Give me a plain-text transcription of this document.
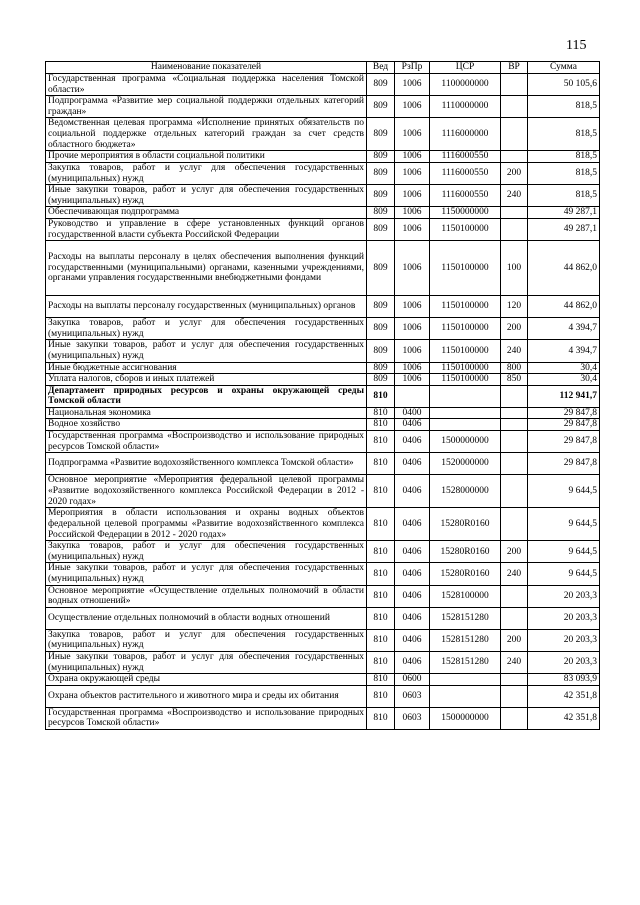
115
Наименование показателей	Вед	РзПр	ЦСР	ВР	Сумма
Государственная программа «Социальная поддержка населения Томской области»	809	1006	1100000000		50 105,6
Подпрограмма «Развитие мер социальной поддержки отдельных категорий граждан»	809	1006	1110000000		818,5
Ведомственная целевая программа «Исполнение принятых обязательств по социальной поддержке отдельных категорий граждан за счет средств областного бюджета»	809	1006	1116000000		818,5
Прочие мероприятия в области социальной политики	809	1006	1116000550		818,5
Закупка товаров, работ и услуг для обеспечения государственных (муниципальных) нужд	809	1006	1116000550	200	818,5
Иные закупки товаров, работ и услуг для обеспечения государственных (муниципальных) нужд	809	1006	1116000550	240	818,5
Обеспечивающая подпрограмма	809	1006	1150000000		49 287,1
Руководство и управление в сфере установленных функций органов государственной власти субъекта Российской Федерации	809	1006	1150100000		49 287,1
Расходы на выплаты персоналу в целях обеспечения выполнения функций государственными (муниципальными) органами, казенными учреждениями, органами управления государственными внебюджетными фондами	809	1006	1150100000	100	44 862,0
Расходы на выплаты персоналу государственных (муниципальных) органов	809	1006	1150100000	120	44 862,0
Закупка товаров, работ и услуг для обеспечения государственных (муниципальных) нужд	809	1006	1150100000	200	4 394,7
Иные закупки товаров, работ и услуг для обеспечения государственных (муниципальных) нужд	809	1006	1150100000	240	4 394,7
Иные бюджетные ассигнования	809	1006	1150100000	800	30,4
Уплата налогов, сборов и иных платежей	809	1006	1150100000	850	30,4
Департамент природных ресурсов и охраны окружающей среды Томской области	810				112 941,7
Национальная экономика	810	0400			29 847,8
Водное хозяйство	810	0406			29 847,8
Государственная программа «Воспроизводство и использование природных ресурсов Томской области»	810	0406	1500000000		29 847,8
Подпрограмма «Развитие водохозяйственного комплекса Томской области»	810	0406	1520000000		29 847,8
Основное мероприятие «Мероприятия федеральной целевой программы «Развитие водохозяйственного комплекса Российской Федерации в 2012 - 2020 годах»	810	0406	1528000000		9 644,5
Мероприятия в области использования и охраны водных объектов федеральной целевой программы «Развитие водохозяйственного комплекса Российской Федерации в 2012 - 2020 годах»	810	0406	15280R0160		9 644,5
Закупка товаров, работ и услуг для обеспечения государственных (муниципальных) нужд	810	0406	15280R0160	200	9 644,5
Иные закупки товаров, работ и услуг для обеспечения государственных (муниципальных) нужд	810	0406	15280R0160	240	9 644,5
Основное мероприятие «Осуществление отдельных полномочий в области водных отношений»	810	0406	1528100000		20 203,3
Осуществление отдельных полномочий в области водных отношений	810	0406	1528151280		20 203,3
Закупка товаров, работ и услуг для обеспечения государственных (муниципальных) нужд	810	0406	1528151280	200	20 203,3
Иные закупки товаров, работ и услуг для обеспечения государственных (муниципальных) нужд	810	0406	1528151280	240	20 203,3
Охрана окружающей среды	810	0600			83 093,9
Охрана объектов растительного и животного мира и среды их обитания	810	0603			42 351,8
Государственная программа «Воспроизводство и использование природных ресурсов Томской области»	810	0603	1500000000		42 351,8
